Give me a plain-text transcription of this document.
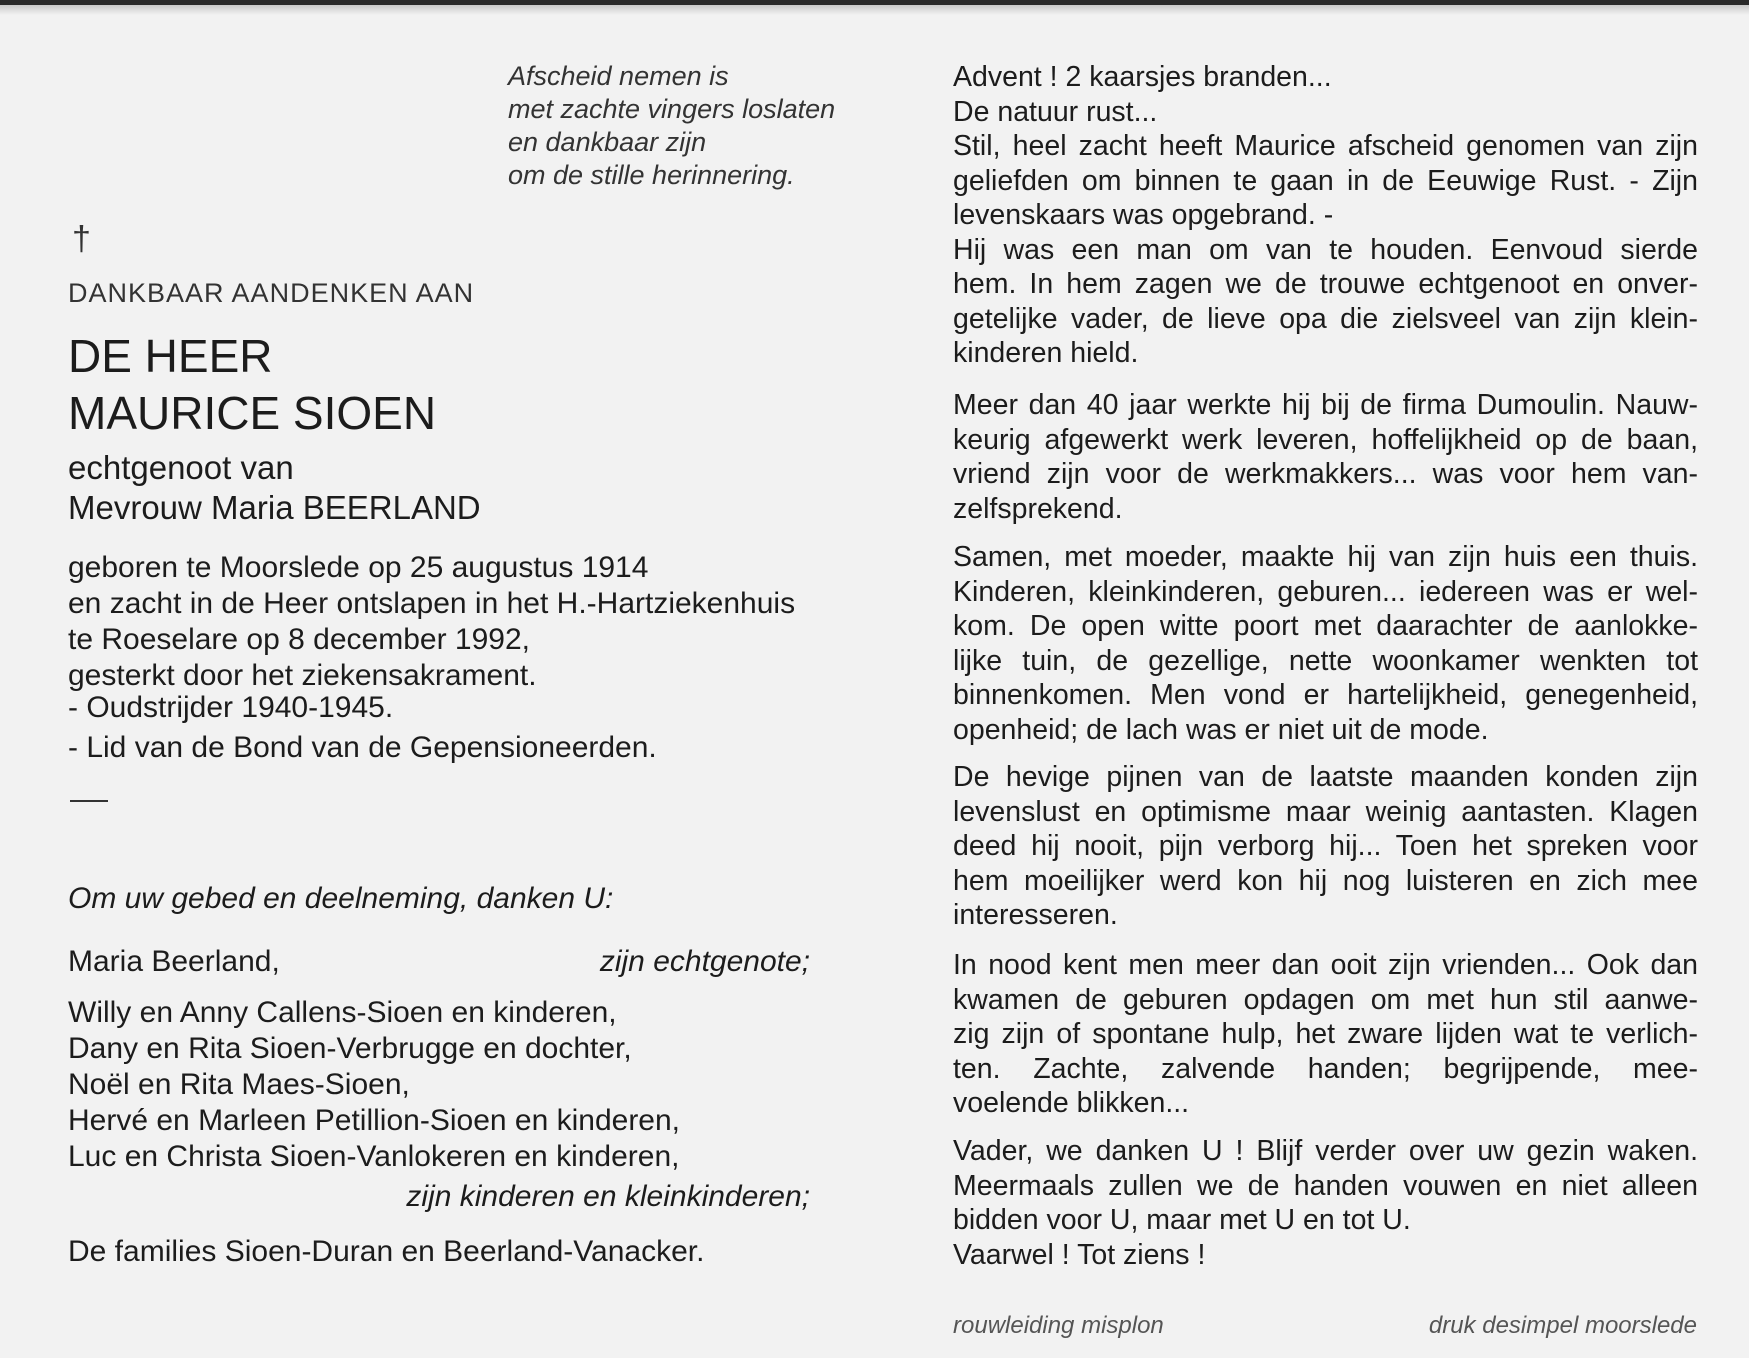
Afscheid nemen is
met zachte vingers loslaten
en dankbaar zijn
om de stille herinnering.
†
DANKBAAR AANDENKEN AAN
DE HEER
MAURICE SIOEN
echtgenoot van
Mevrouw Maria BEERLAND
geboren te Moorslede op 25 augustus 1914
en zacht in de Heer ontslapen in het H.-Hartziekenhuis
te Roeselare op 8 december 1992,
gesterkt door het ziekensakrament.
- Oudstrijder 1940-1945.
- Lid van de Bond van de Gepensioneerden.
Om uw gebed en deelneming, danken U:
Maria Beerland,	zijn echtgenote;
Willy en Anny Callens-Sioen en kinderen,
Dany en Rita Sioen-Verbrugge en dochter,
Noël en Rita Maes-Sioen,
Hervé en Marleen Petillion-Sioen en kinderen,
Luc en Christa Sioen-Vanlokeren en kinderen,
zijn kinderen en kleinkinderen;
De families Sioen-Duran en Beerland-Vanacker.
Advent ! 2 kaarsjes branden...
De natuur rust...
Stil, heel zacht heeft Maurice afscheid genomen van zijn
geliefden om binnen te gaan in de Eeuwige Rust. - Zijn
levenskaars was opgebrand. -
Hij was een man om van te houden. Eenvoud sierde
hem. In hem zagen we de trouwe echtgenoot en onver-
getelijke vader, de lieve opa die zielsveel van zijn klein-
kinderen hield.
Meer dan 40 jaar werkte hij bij de firma Dumoulin. Nauw-
keurig afgewerkt werk leveren, hoffelijkheid op de baan,
vriend zijn voor de werkmakkers... was voor hem van-
zelfsprekend.
Samen, met moeder, maakte hij van zijn huis een thuis.
Kinderen, kleinkinderen, geburen... iedereen was er wel-
kom. De open witte poort met daarachter de aanlokke-
lijke tuin, de gezellige, nette woonkamer wenkten tot
binnenkomen. Men vond er hartelijkheid, genegenheid,
openheid; de lach was er niet uit de mode.
De hevige pijnen van de laatste maanden konden zijn
levenslust en optimisme maar weinig aantasten. Klagen
deed hij nooit, pijn verborg hij... Toen het spreken voor
hem moeilijker werd kon hij nog luisteren en zich mee
interesseren.
In nood kent men meer dan ooit zijn vrienden... Ook dan
kwamen de geburen opdagen om met hun stil aanwe-
zig zijn of spontane hulp, het zware lijden wat te verlich-
ten. Zachte, zalvende handen; begrijpende, mee-
voelende blikken...
Vader, we danken U ! Blijf verder over uw gezin waken.
Meermaals zullen we de handen vouwen en niet alleen
bidden voor U, maar met U en tot U.
Vaarwel ! Tot ziens !
rouwleiding misplon	druk desimpel moorslede
